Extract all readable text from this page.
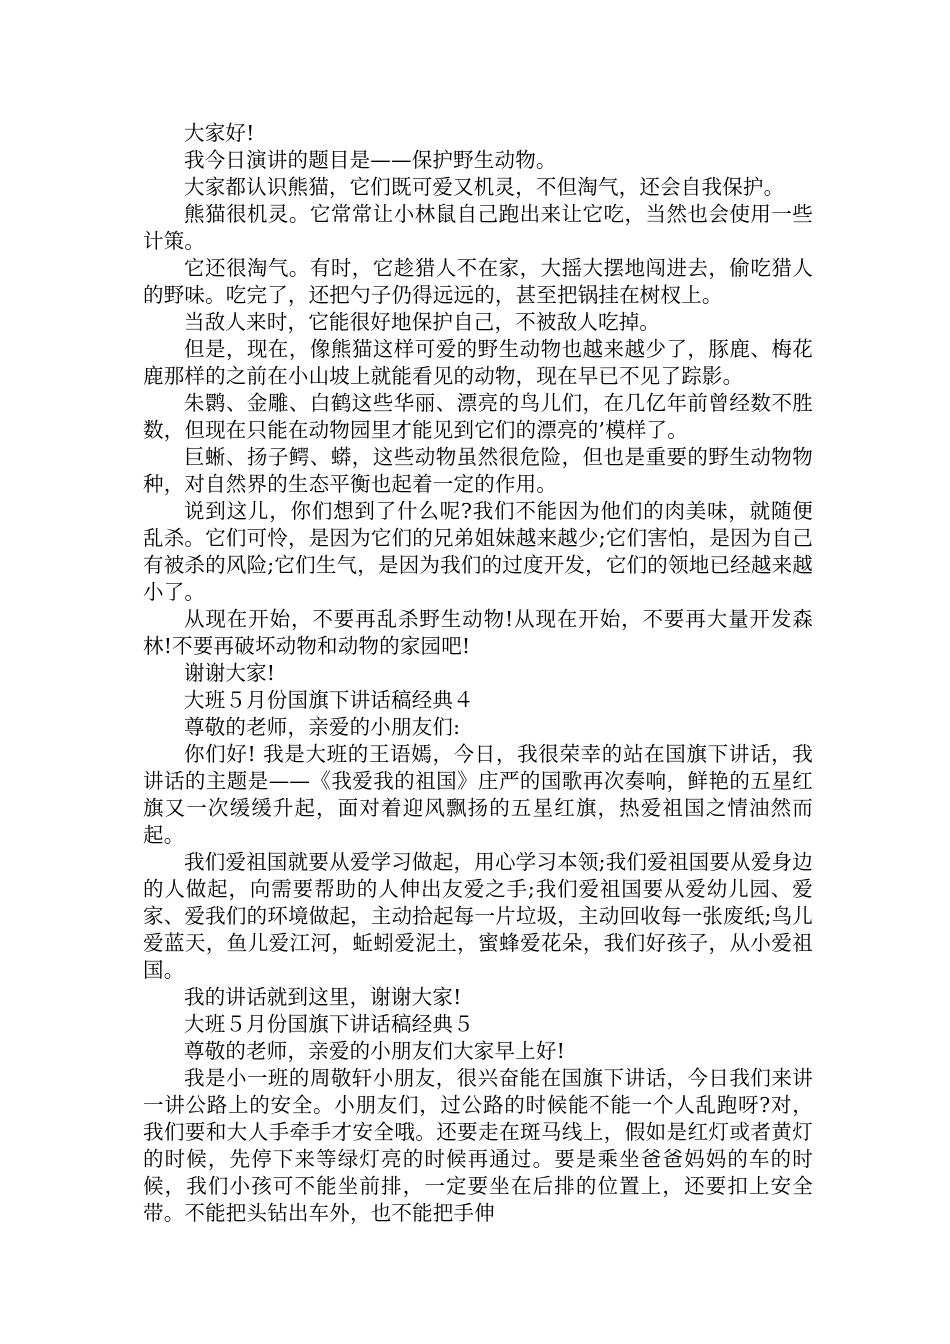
大家好!

我今日演讲的题目是——保护野生动物。

大家都认识熊猫，它们既可爱又机灵，不但淘气，还会自我保护。

熊猫很机灵。它常常让小林鼠自己跑出来让它吃，当然也会使用一些计策。

它还很淘气。有时，它趁猎人不在家，大摇大摆地闯进去，偷吃猎人的野味。吃完了，还把勺子仍得远远的，甚至把锅挂在树杈上。

当敌人来时，它能很好地保护自己，不被敌人吃掉。

但是，现在，像熊猫这样可爱的野生动物也越来越少了，豚鹿、梅花鹿那样的之前在小山坡上就能看见的动物，现在早已不见了踪影。

朱鹮、金雕、白鹤这些华丽、漂亮的鸟儿们，在几亿年前曾经数不胜数，但现在只能在动物园里才能见到它们的漂亮的’模样了。

巨蜥、扬子鳄、蟒，这些动物虽然很危险，但也是重要的野生动物物种，对自然界的生态平衡也起着一定的作用。

说到这儿，你们想到了什么呢?我们不能因为他们的肉美味，就随便乱杀。它们可怜，是因为它们的兄弟姐妹越来越少;它们害怕，是因为自己有被杀的风险;它们生气，是因为我们的过度开发，它们的领地已经越来越小了。

从现在开始，不要再乱杀野生动物!从现在开始，不要再大量开发森林!不要再破坏动物和动物的家园吧!

谢谢大家!

大班５月份国旗下讲话稿经典４

尊敬的老师，亲爱的小朋友们:

你们好! 我是大班的王语嫣，今日，我很荣幸的站在国旗下讲话，我讲话的主题是——《我爱我的祖国》庄严的国歌再次奏响，鲜艳的五星红旗又一次缓缓升起，面对着迎风飘扬的五星红旗，热爱祖国之情油然而起。

我们爱祖国就要从爱学习做起，用心学习本领;我们爱祖国要从爱身边的人做起，向需要帮助的人伸出友爱之手;我们爱祖国要从爱幼儿园、爱家、爱我们的环境做起，主动拾起每一片垃圾，主动回收每一张废纸;鸟儿爱蓝天，鱼儿爱江河，蚯蚓爱泥土，蜜蜂爱花朵，我们好孩子，从小爱祖国。

我的讲话就到这里，谢谢大家!

大班５月份国旗下讲话稿经典５

尊敬的老师，亲爱的小朋友们大家早上好!

我是小一班的周敬轩小朋友，很兴奋能在国旗下讲话，今日我们来讲一讲公路上的安全。小朋友们，过公路的时候能不能一个人乱跑呀?对，我们要和大人手牵手才安全哦。还要走在斑马线上，假如是红灯或者黄灯的时候，先停下来等绿灯亮的时候再通过。要是乘坐爸爸妈妈的车的时候，我们小孩可不能坐前排，一定要坐在后排的位置上，还要扣上安全带。不能把头钻出车外，也不能把手伸
